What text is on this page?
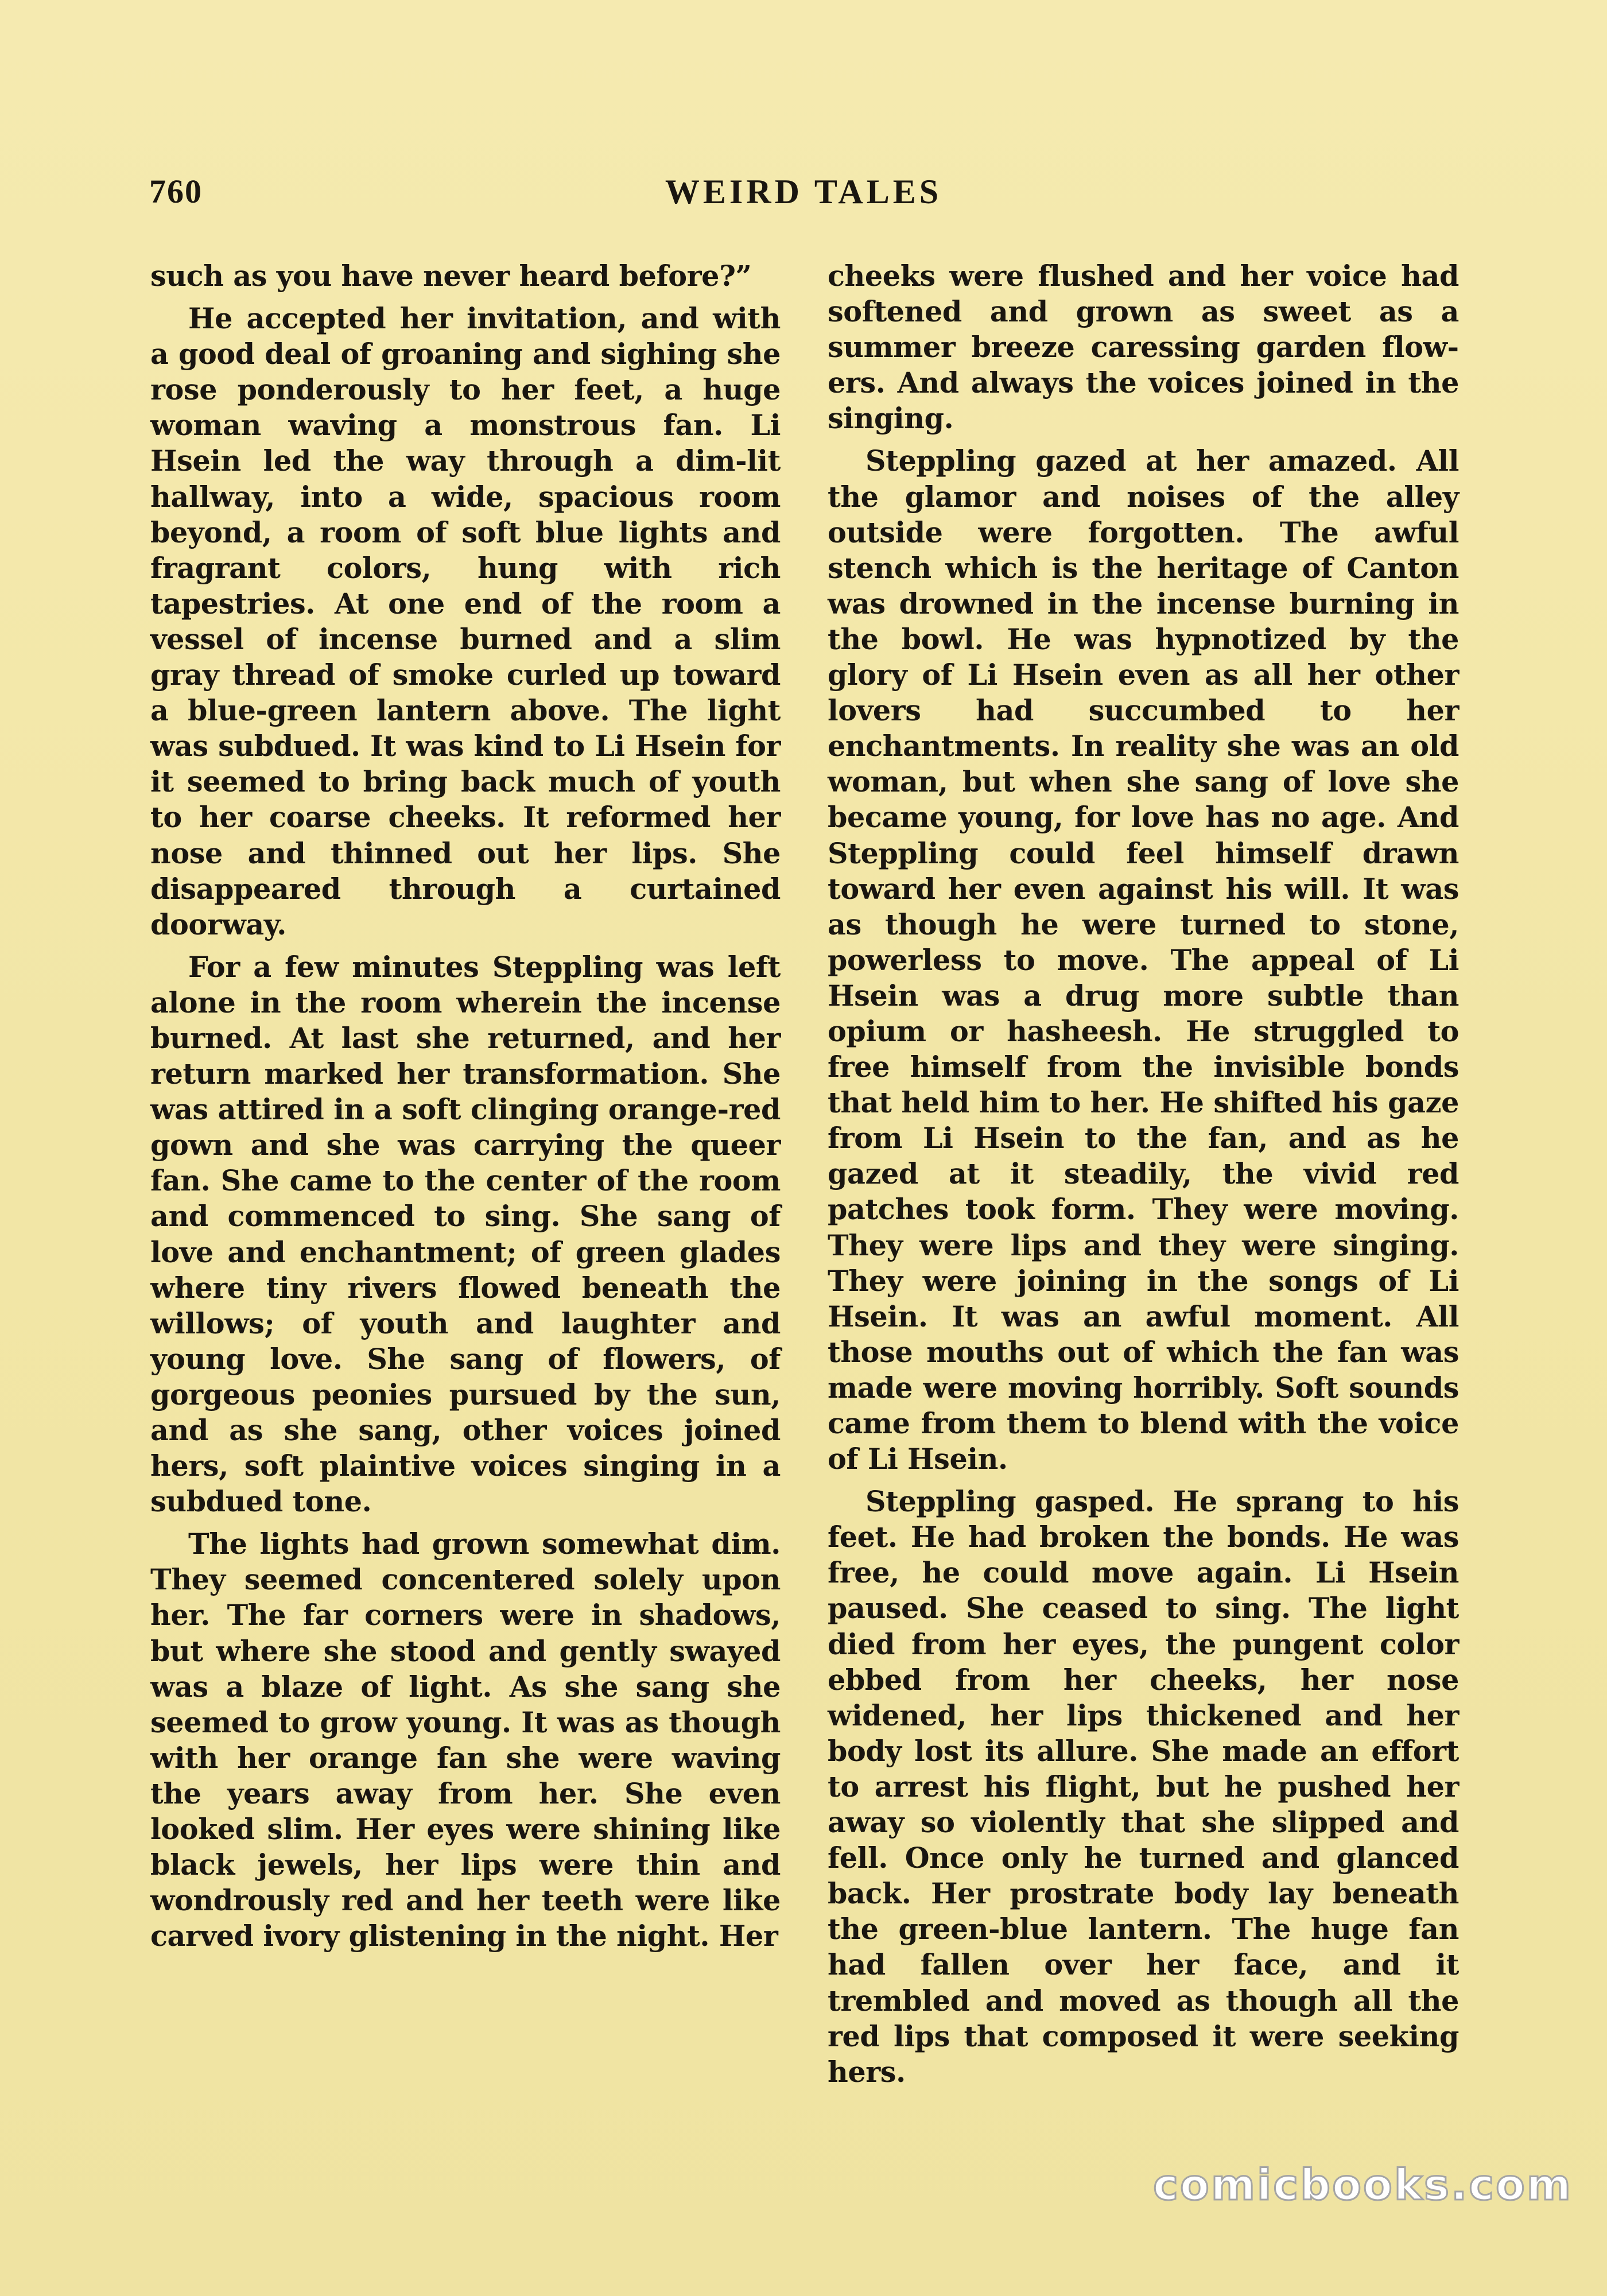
760	WEIRD TALES

such as you have never heard before?”

He accepted her invitation, and with a good deal of groaning and sighing she rose ponderously to her feet, a huge woman waving a monstrous fan. Li Hsein led the way through a dim-lit hallway, into a wide, spacious room beyond, a room of soft blue lights and fragrant colors, hung with rich tapestries. At one end of the room a vessel of incense burned and a slim gray thread of smoke curled up toward a blue-green lantern above. The light was subdued. It was kind to Li Hsein for it seemed to bring back much of youth to her coarse cheeks. It reformed her nose and thinned out her lips. She disappeared through a curtained doorway.

For a few minutes Steppling was left alone in the room wherein the incense burned. At last she returned, and her return marked her transformation. She was attired in a soft clinging orange-red gown and she was carrying the queer fan. She came to the center of the room and commenced to sing. She sang of love and enchantment; of green glades where tiny rivers flowed beneath the willows; of youth and laughter and young love. She sang of flowers, of gorgeous peonies pursued by the sun, and as she sang, other voices joined hers, soft plaintive voices singing in a subdued tone.

The lights had grown somewhat dim. They seemed concentered solely upon her. The far corners were in shadows, but where she stood and gently swayed was a blaze of light. As she sang she seemed to grow young. It was as though with her orange fan she were waving the years away from her. She even looked slim. Her eyes were shining like black jewels, her lips were thin and wondrously red and her teeth were like carved ivory glistening in the night. Her

cheeks were flushed and her voice had softened and grown as sweet as a summer breeze caressing garden flowers. And always the voices joined in the singing.

Steppling gazed at her amazed. All the glamor and noises of the alley outside were forgotten. The awful stench which is the heritage of Canton was drowned in the incense burning in the bowl. He was hypnotized by the glory of Li Hsein even as all her other lovers had succumbed to her enchantments. In reality she was an old woman, but when she sang of love she became young, for love has no age. And Steppling could feel himself drawn toward her even against his will. It was as though he were turned to stone, powerless to move. The appeal of Li Hsein was a drug more subtle than opium or hasheesh. He struggled to free himself from the invisible bonds that held him to her. He shifted his gaze from Li Hsein to the fan, and as he gazed at it steadily, the vivid red patches took form. They were moving. They were lips and they were singing. They were joining in the songs of Li Hsein. It was an awful moment. All those mouths out of which the fan was made were moving horribly. Soft sounds came from them to blend with the voice of Li Hsein.

Steppling gasped. He sprang to his feet. He had broken the bonds. He was free, he could move again. Li Hsein paused. She ceased to sing. The light died from her eyes, the pungent color ebbed from her cheeks, her nose widened, her lips thickened and her body lost its allure. She made an effort to arrest his flight, but he pushed her away so violently that she slipped and fell. Once only he turned and glanced back. Her prostrate body lay beneath the green-blue lantern. The huge fan had fallen over her face, and it trembled and moved as though all the red lips that composed it were seeking hers.

comicbooks.com
